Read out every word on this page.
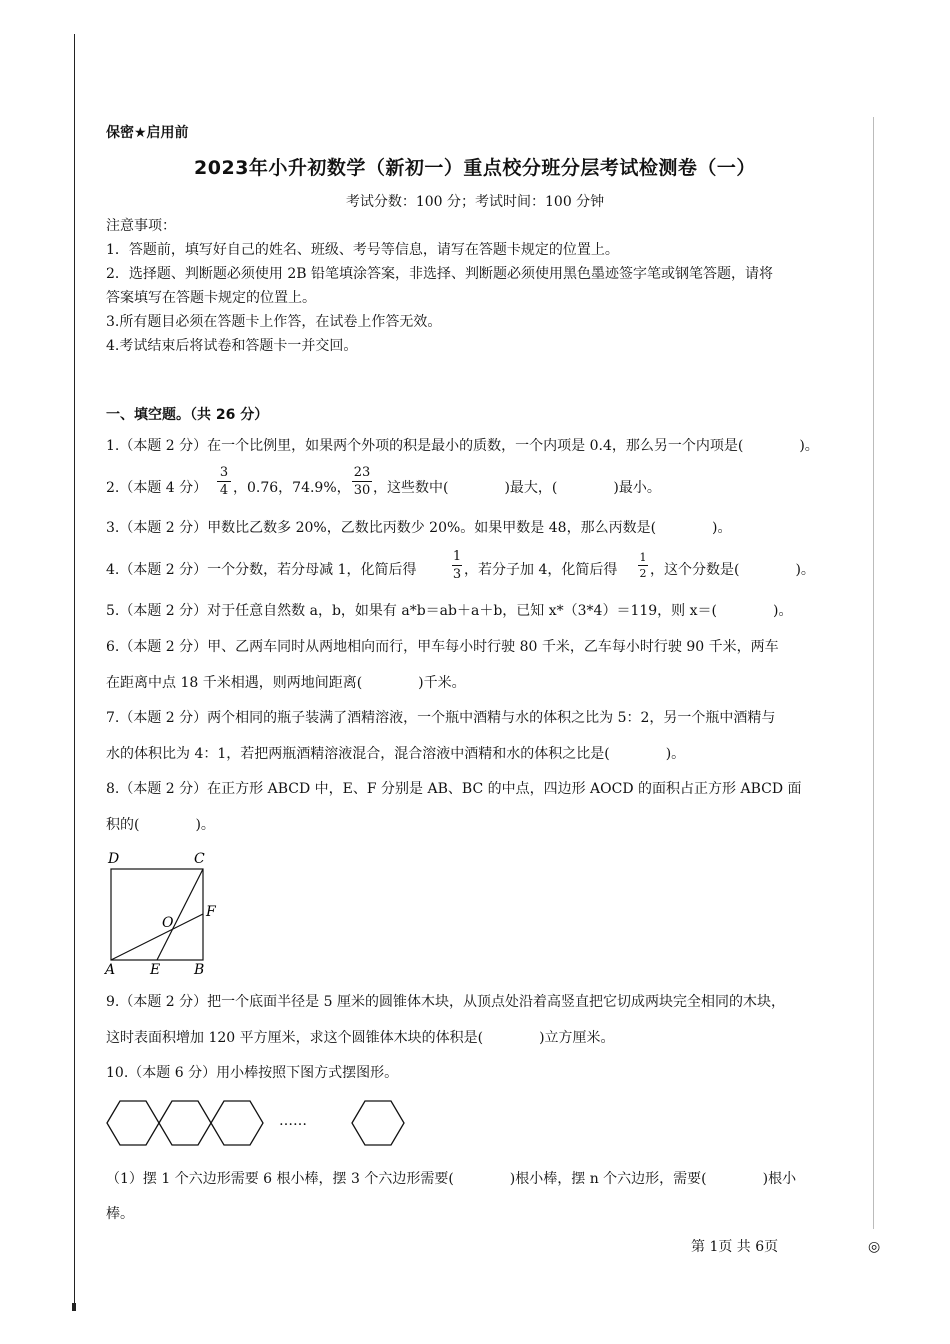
保密★启用前
2023年小升初数学（新初一）重点校分班分层考试检测卷（一）
考试分数：100 分；考试时间：100 分钟
注意事项：
1．答题前，填写好自己的姓名、班级、考号等信息，请写在答题卡规定的位置上。
2．选择题、判断题必须使用 2B 铅笔填涂答案，非选择、判断题必须使用黑色墨迹签字笔或钢笔答题，请将
答案填写在答题卡规定的位置上。
3.所有题目必须在答题卡上作答，在试卷上作答无效。
4.考试结束后将试卷和答题卡一并交回。
一、填空题。（共 26 分）
1.（本题 2 分）在一个比例里，如果两个外项的积是最小的质数，一个内项是 0.4，那么另一个内项是(　　　　)。
2.（本题 4 分）
3
4 ，0.76，74.9%，
23
30 ，这些数中(　　　　)最大，(　　　　)最小。
3.（本题 2 分）甲数比乙数多 20%，乙数比丙数少 20%。如果甲数是 48，那么丙数是(　　　　)。
4.（本题 2 分）一个分数，若分母减 1，化简后得
1
3 ，若分子加 4，化简后得
1
2 ，这个分数是(　　　　)。
5.（本题 2 分）对于任意自然数 a，b，如果有 a*b＝ab＋a＋b，已知 x*（3*4）＝119，则 x＝(　　　　)。
6.（本题 2 分）甲、乙两车同时从两地相向而行，甲车每小时行驶 80 千米，乙车每小时行驶 90 千米，两车
在距离中点 18 千米相遇，则两地间距离(　　　　)千米。
7.（本题 2 分）两个相同的瓶子装满了酒精溶液，一个瓶中酒精与水的体积之比为 5：2，另一个瓶中酒精与
水的体积比为 4：1，若把两瓶酒精溶液混合，混合溶液中酒精和水的体积之比是(　　　　)。
8.（本题 2 分）在正方形 ABCD 中，E、F 分别是 AB、BC 的中点，四边形 AOCD 的面积占正方形 ABCD 面
积的(　　　　)。
D	C
O
F
A E B
9.（本题 2 分）把一个底面半径是 5 厘米的圆锥体木块，从顶点处沿着高竖直把它切成两块完全相同的木块，
这时表面积增加 120 平方厘米，求这个圆锥体木块的体积是(　　　　)立方厘米。
10.（本题 6 分）用小棒按照下图方式摆图形。
……
（1）摆 1 个六边形需要 6 根小棒，摆 3 个六边形需要(　　　　)根小棒，摆 n 个六边形，需要(　　　　)根小
棒。
第 1页 共 6页	◎
